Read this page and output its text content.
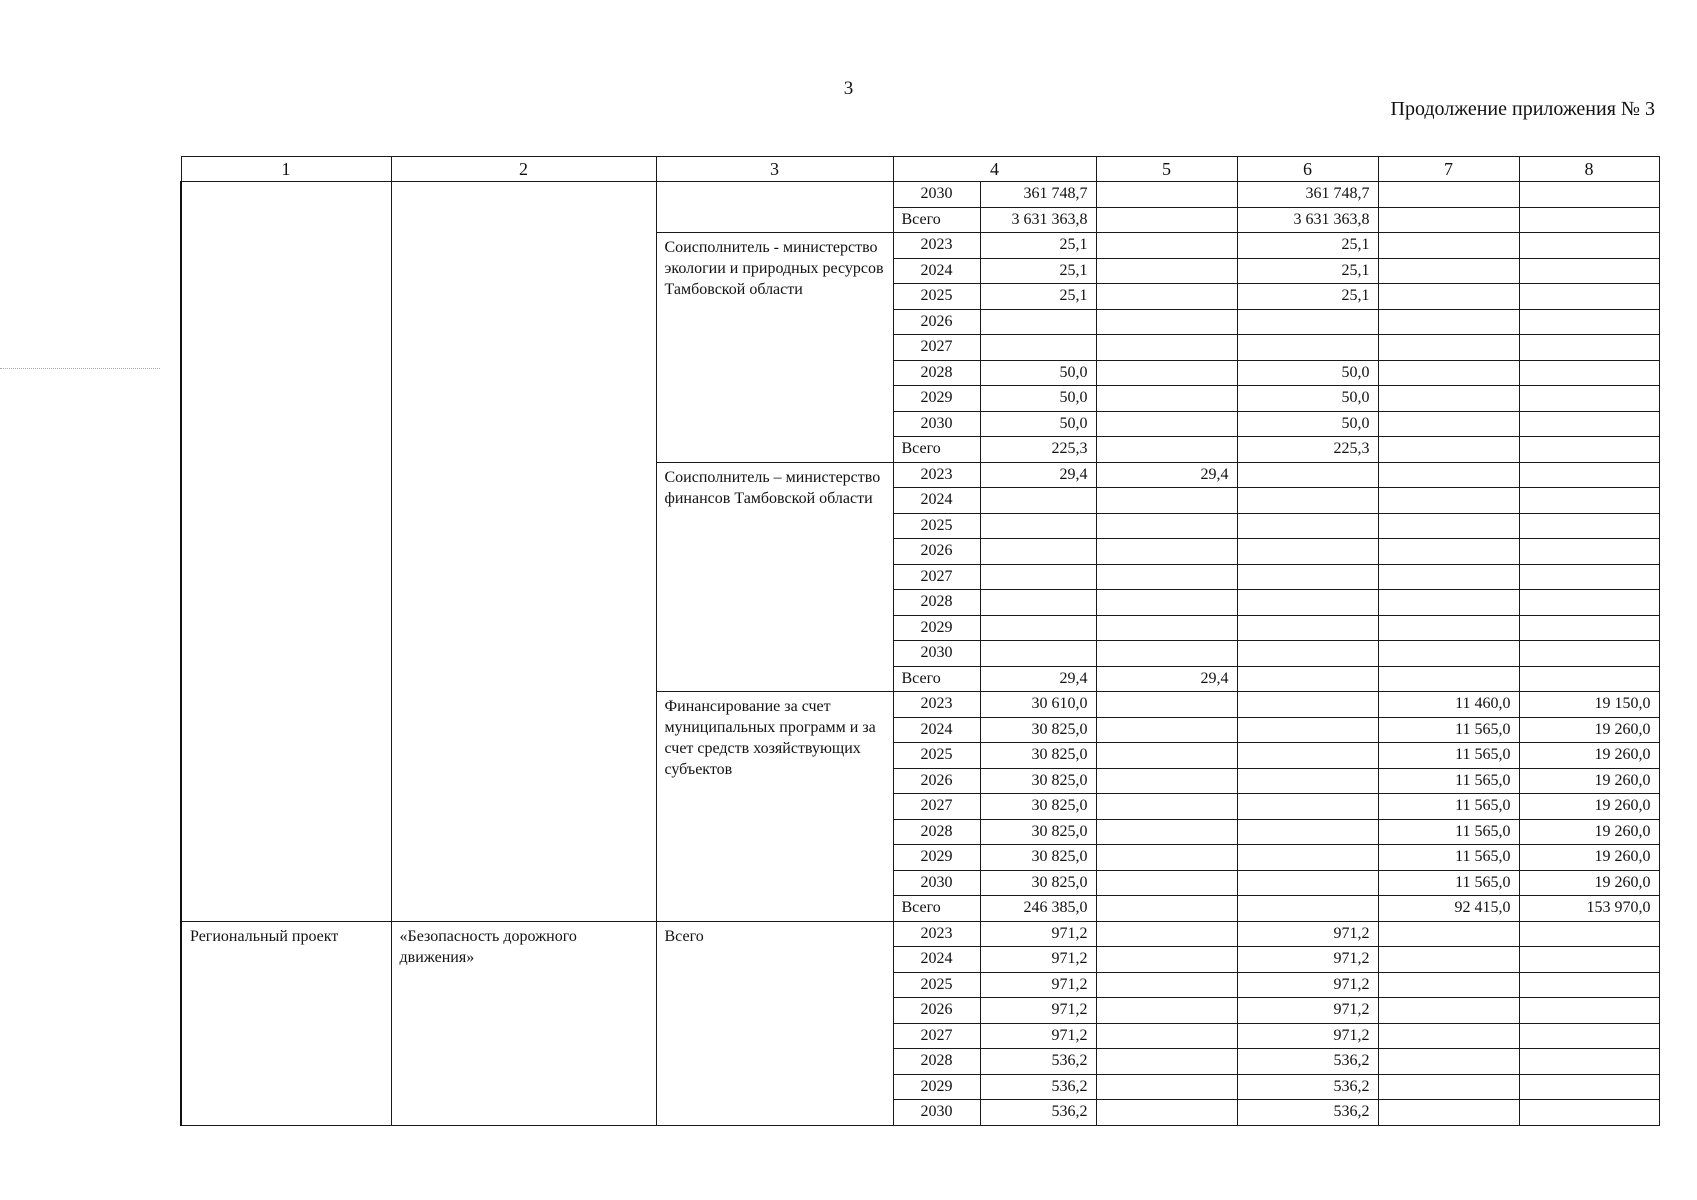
3
Продолжение приложения № 3
1	2	3	4		5	6	7	8
			2030	361 748,7		361 748,7		
			Всего	3 631 363,8		3 631 363,8		
		Соисполнитель - министерство экологии и природных ресурсов Тамбовской области	2023	25,1		25,1		
			2024	25,1		25,1		
			2025	25,1		25,1		
			2026					
			2027					
			2028	50,0		50,0		
			2029	50,0		50,0		
			2030	50,0		50,0		
			Всего	225,3		225,3		
		Соисполнитель – министерство финансов Тамбовской области	2023	29,4	29,4			
			2024					
			2025					
			2026					
			2027					
			2028					
			2029					
			2030					
			Всего	29,4	29,4			
		Финансирование за счет муниципальных программ и за счет средств хозяйствующих субъектов	2023	30 610,0			11 460,0	19 150,0
			2024	30 825,0			11 565,0	19 260,0
			2025	30 825,0			11 565,0	19 260,0
			2026	30 825,0			11 565,0	19 260,0
			2027	30 825,0			11 565,0	19 260,0
			2028	30 825,0			11 565,0	19 260,0
			2029	30 825,0			11 565,0	19 260,0
			2030	30 825,0			11 565,0	19 260,0
			Всего	246 385,0			92 415,0	153 970,0
Региональный проект	«Безопасность дорожного движения»	Всего	2023	971,2		971,2		
			2024	971,2		971,2		
			2025	971,2		971,2		
			2026	971,2		971,2		
			2027	971,2		971,2		
			2028	536,2		536,2		
			2029	536,2		536,2		
			2030	536,2		536,2		
